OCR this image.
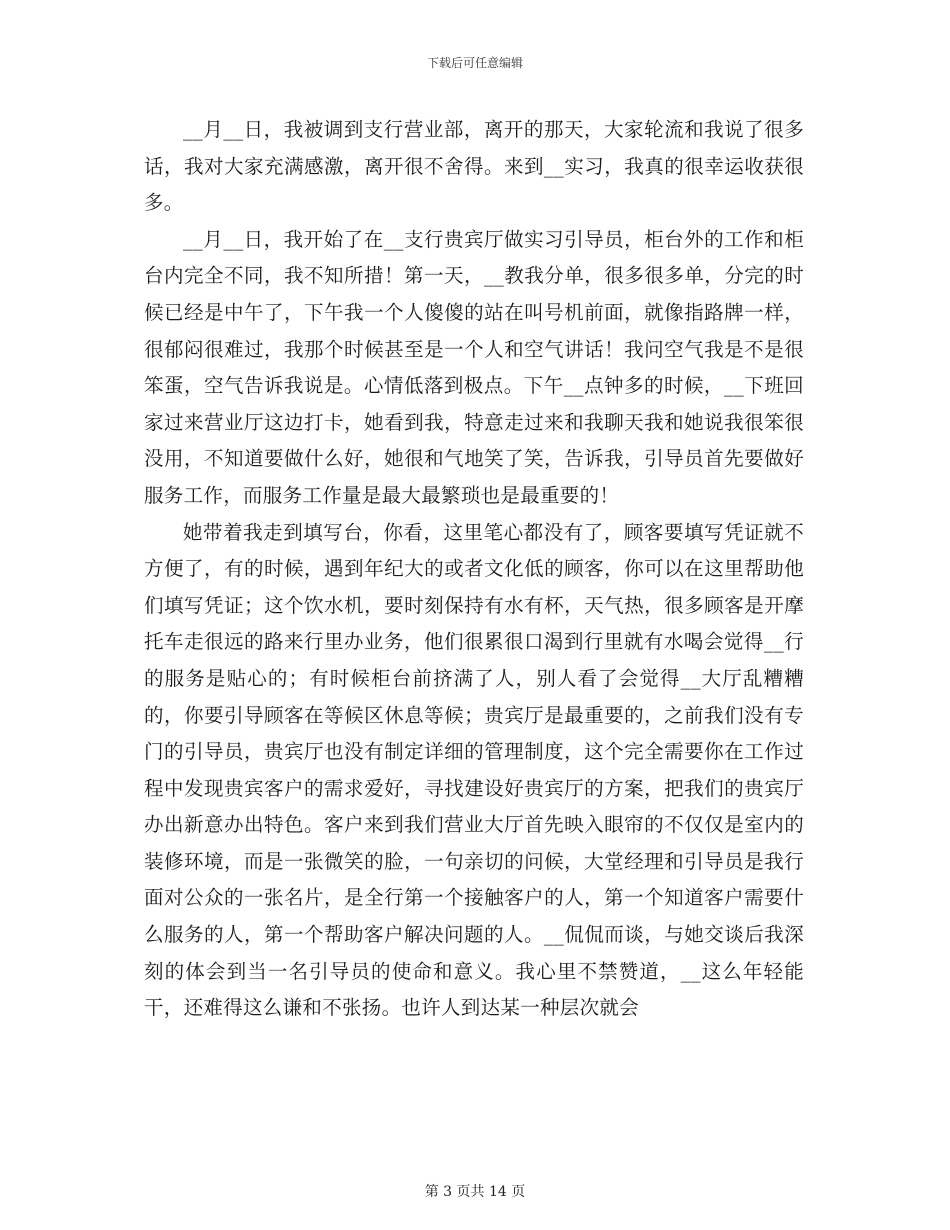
下载后可任意编辑

__月__日，我被调到支行营业部，离开的那天，大家轮流和我说了很多话，我对大家充满感激，离开很不舍得。来到__实习，我真的很幸运收获很多。

__月__日，我开始了在__支行贵宾厅做实习引导员，柜台外的工作和柜台内完全不同，我不知所措！第一天，__教我分单，很多很多单，分完的时候已经是中午了，下午我一个人傻傻的站在叫号机前面，就像指路牌一样，很郁闷很难过，我那个时候甚至是一个人和空气讲话！我问空气我是不是很笨蛋，空气告诉我说是。心情低落到极点。下午__点钟多的时候，__下班回家过来营业厅这边打卡，她看到我，特意走过来和我聊天我和她说我很笨很没用，不知道要做什么好，她很和气地笑了笑，告诉我，引导员首先要做好服务工作，而服务工作量是最大最繁琐也是最重要的！

她带着我走到填写台，你看，这里笔心都没有了，顾客要填写凭证就不方便了，有的时候，遇到年纪大的或者文化低的顾客，你可以在这里帮助他们填写凭证；这个饮水机，要时刻保持有水有杯，天气热，很多顾客是开摩托车走很远的路来行里办业务，他们很累很口渴到行里就有水喝会觉得__行的服务是贴心的；有时候柜台前挤满了人，别人看了会觉得__大厅乱糟糟的，你要引导顾客在等候区休息等候；贵宾厅是最重要的，之前我们没有专门的引导员，贵宾厅也没有制定详细的管理制度，这个完全需要你在工作过程中发现贵宾客户的需求爱好，寻找建设好贵宾厅的方案，把我们的贵宾厅办出新意办出特色。客户来到我们营业大厅首先映入眼帘的不仅仅是室内的装修环境，而是一张微笑的脸，一句亲切的问候，大堂经理和引导员是我行面对公众的一张名片，是全行第一个接触客户的人，第一个知道客户需要什么服务的人，第一个帮助客户解决问题的人。__侃侃而谈，与她交谈后我深刻的体会到当一名引导员的使命和意义。我心里不禁赞道，__这么年轻能干，还难得这么谦和不张扬。也许人到达某一种层次就会

第 3 页共 14 页
